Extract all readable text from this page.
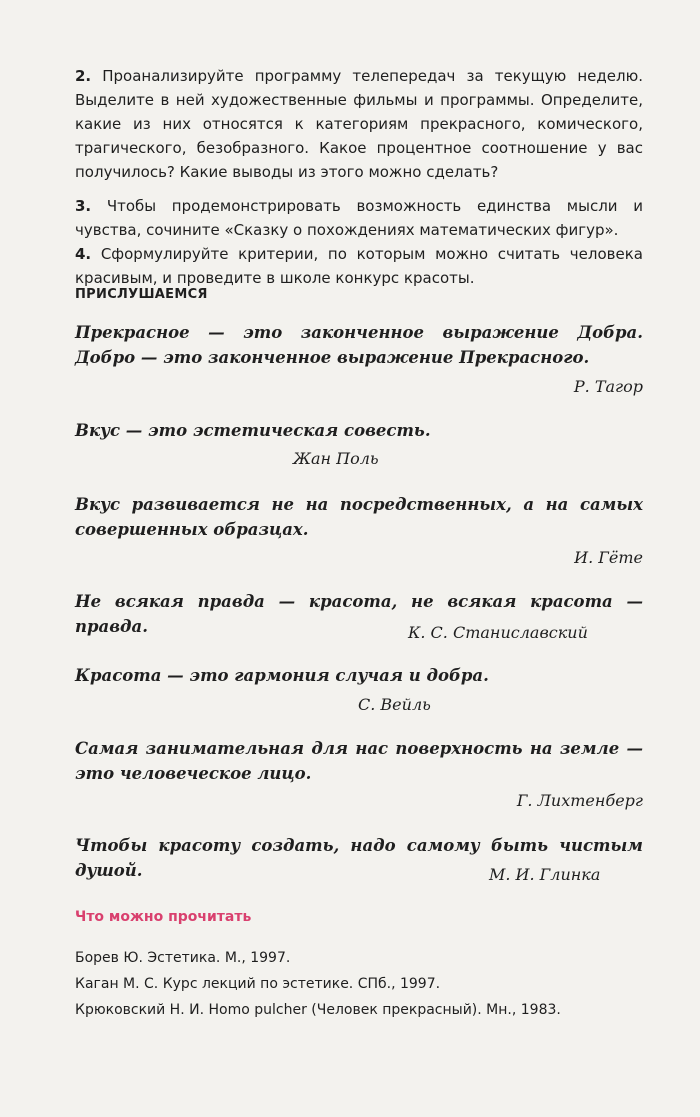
2. Проанализируйте программу телепередач за текущую неделю. Выделите в ней художественные фильмы и программы. Определите, какие из них относятся к категориям прекрасного, комического, трагического, безобразного. Какое процентное соотношение у вас получилось? Какие выводы из этого можно сделать?

3. Чтобы продемонстрировать возможность единства мысли и чувства, сочините «Сказку о похождениях математических фигур».

4. Сформулируйте критерии, по которым можно считать человека красивым, и проведите в школе конкурс красоты.

ПРИСЛУШАЕМСЯ

Прекрасное — это законченное выражение Добра. Добро — это законченное выражение Прекрасного.

Р. Тагор

Вкус — это эстетическая совесть.

Жан Поль

Вкус развивается не на посредственных, а на самых совершенных образцах.

И. Гёте

Не всякая правда — красота, не всякая красота — правда.	К. С. Станиславский

Красота — это гармония случая и добра.

С. Вейль

Самая занимательная для нас поверхность на земле — это человеческое лицо.

Г. Лихтенберг

Чтобы красоту создать, надо самому быть чистым душой.	М. И. Глинка

Что можно прочитать

Борев Ю. Эстетика. М., 1997.

Каган М. С. Курс лекций по эстетике. СПб., 1997.

Крюковский Н. И. Homo pulcher (Человек прекрасный). Мн., 1983.
